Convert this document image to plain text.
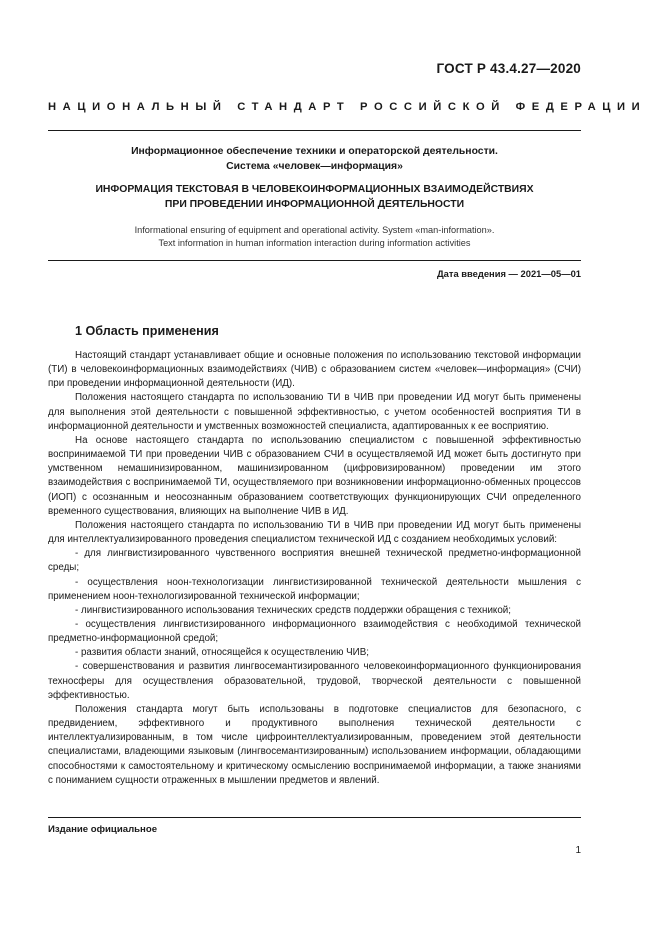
ГОСТ Р 43.4.27—2020
НАЦИОНАЛЬНЫЙ СТАНДАРТ РОССИЙСКОЙ ФЕДЕРАЦИИ
Информационное обеспечение техники и операторской деятельности.
Система «человек—информация»
ИНФОРМАЦИЯ ТЕКСТОВАЯ В ЧЕЛОВЕКОИНФОРМАЦИОННЫХ ВЗАИМОДЕЙСТВИЯХ
ПРИ ПРОВЕДЕНИИ ИНФОРМАЦИОННОЙ ДЕЯТЕЛЬНОСТИ
Informational ensuring of equipment and operational activity. System «man-information».
Text information in human information interaction during information activities
Дата введения — 2021—05—01
1 Область применения

Настоящий стандарт устанавливает общие и основные положения по использованию текстовой информации (ТИ) в человекоинформационных взаимодействиях (ЧИВ) с образованием систем «человек—информация» (СЧИ) при проведении информационной деятельности (ИД).

Положения настоящего стандарта по использованию ТИ в ЧИВ при проведении ИД могут быть применены для выполнения этой деятельности с повышенной эффективностью, с учетом особенностей восприятия ТИ в информационной деятельности и умственных возможностей специалиста, адаптированных к ее восприятию.

На основе настоящего стандарта по использованию специалистом с повышенной эффективностью воспринимаемой ТИ при проведении ЧИВ с образованием СЧИ в осуществляемой ИД может быть достигнуто при умственном немашинизированном, машинизированном (цифровизированном) проведении им этого взаимодействия с воспринимаемой ТИ, осуществляемого при возникновении информационно-обменных процессов (ИОП) с осознанным и неосознанным образованием соответствующих функционирующих СЧИ определенного временного существования, влияющих на выполнение ЧИВ в ИД.

Положения настоящего стандарта по использованию ТИ в ЧИВ при проведении ИД могут быть применены для интеллектуализированного проведения специалистом технической ИД с созданием необходимых условий:

- для лингвистизированного чувственного восприятия внешней технической предметно-информационной среды;

- осуществления ноон-технологизации лингвистизированной технической деятельности мышления с применением ноон-технологизированной технической информации;

- лингвистизированного использования технических средств поддержки обращения с техникой;

- осуществления лингвистизированного информационного взаимодействия с необходимой технической предметно-информационной средой;

- развития области знаний, относящейся к осуществлению ЧИВ;

- совершенствования и развития лингвосемантизированного человекоинформационного функционирования техносферы для осуществления образовательной, трудовой, творческой деятельности с повышенной эффективностью.

Положения стандарта могут быть использованы в подготовке специалистов для безопасного, с предвидением, эффективного и продуктивного выполнения технической деятельности с интеллектуализированным, в том числе цифроинтеллектуализированным, проведением этой деятельности специалистами, владеющими языковым (лингвосемантизированным) использованием информации, обладающими способностями к самостоятельному и критическому осмыслению воспринимаемой информации, а также знаниями с пониманием сущности отраженных в мышлении предметов и явлений.

Издание официальное
1
